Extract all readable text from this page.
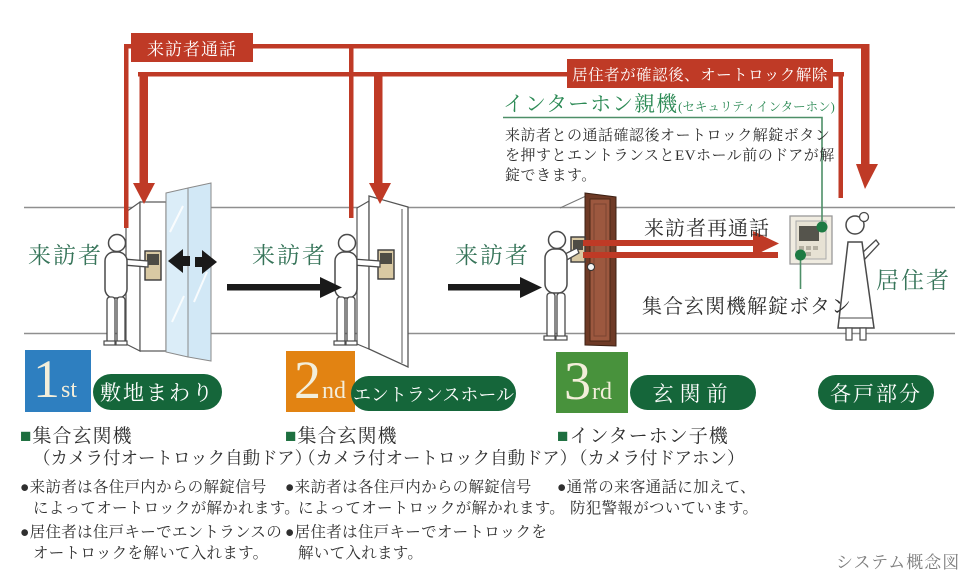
来訪者通話
居住者が確認後、オートロック解除
来訪者	来訪者	来訪者
居住者
インターホン親機(セキュリティインターホン)
来訪者との通話確認後オートロック解錠ボタン
を押すとエントランスとEVホール前のドアが解
錠できます。
来訪者再通話
集合玄関機解錠ボタン
1 st	敷地まわり 2 nd エントランスホール 3 rd	玄関前	各戸部分
■集合玄関機
（カメラ付オートロック自動ドア）
●来訪者は各住戸内からの解錠信号
によってオートロックが解かれます。
●居住者は住戸キーでエントランスの
オートロックを解いて入れます。
■集合玄関機
（カメラ付オートロック自動ドア）
●来訪者は各住戸内からの解錠信号
によってオートロックが解かれます。
●居住者は住戸キーでオートロックを
解いて入れます。
■インターホン子機
（カメラ付ドアホン）
●通常の来客通話に加えて、
防犯警報がついています。
システム概念図
